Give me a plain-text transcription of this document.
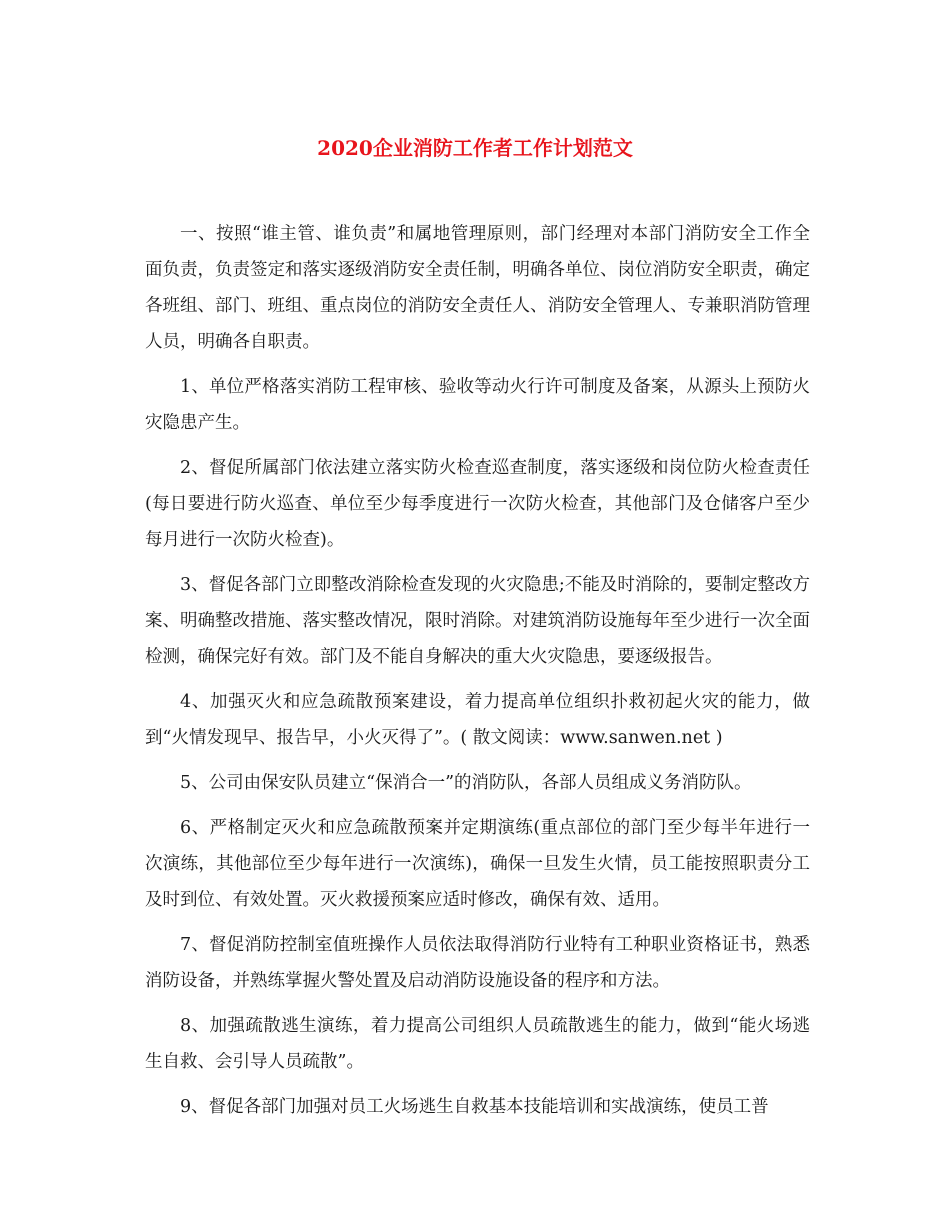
2020企业消防工作者工作计划范文

一、按照“谁主管、谁负责”和属地管理原则，部门经理对本部门消防安全工作全面负责，负责签定和落实逐级消防安全责任制，明确各单位、岗位消防安全职责，确定各班组、部门、班组、重点岗位的消防安全责任人、消防安全管理人、专兼职消防管理人员，明确各自职责。

1、单位严格落实消防工程审核、验收等动火行许可制度及备案，从源头上预防火灾隐患产生。

2、督促所属部门依法建立落实防火检查巡查制度，落实逐级和岗位防火检查责任(每日要进行防火巡查、单位至少每季度进行一次防火检查，其他部门及仓储客户至少每月进行一次防火检查)。

3、督促各部门立即整改消除检查发现的火灾隐患;不能及时消除的，要制定整改方案、明确整改措施、落实整改情况，限时消除。对建筑消防设施每年至少进行一次全面检测，确保完好有效。部门及不能自身解决的重大火灾隐患，要逐级报告。

4、加强灭火和应急疏散预案建设，着力提高单位组织扑救初起火灾的能力，做到“火情发现早、报告早，小火灭得了”。( 散文阅读：www.sanwen.net )

5、公司由保安队员建立“保消合一”的消防队，各部人员组成义务消防队。

6、严格制定灭火和应急疏散预案并定期演练(重点部位的部门至少每半年进行一次演练，其他部位至少每年进行一次演练)，确保一旦发生火情，员工能按照职责分工及时到位、有效处置。灭火救援预案应适时修改，确保有效、适用。

7、督促消防控制室值班操作人员依法取得消防行业特有工种职业资格证书，熟悉消防设备，并熟练掌握火警处置及启动消防设施设备的程序和方法。

8、加强疏散逃生演练，着力提高公司组织人员疏散逃生的能力，做到“能火场逃生自救、会引导人员疏散”。

9、督促各部门加强对员工火场逃生自救基本技能培训和实战演练，使员工普
